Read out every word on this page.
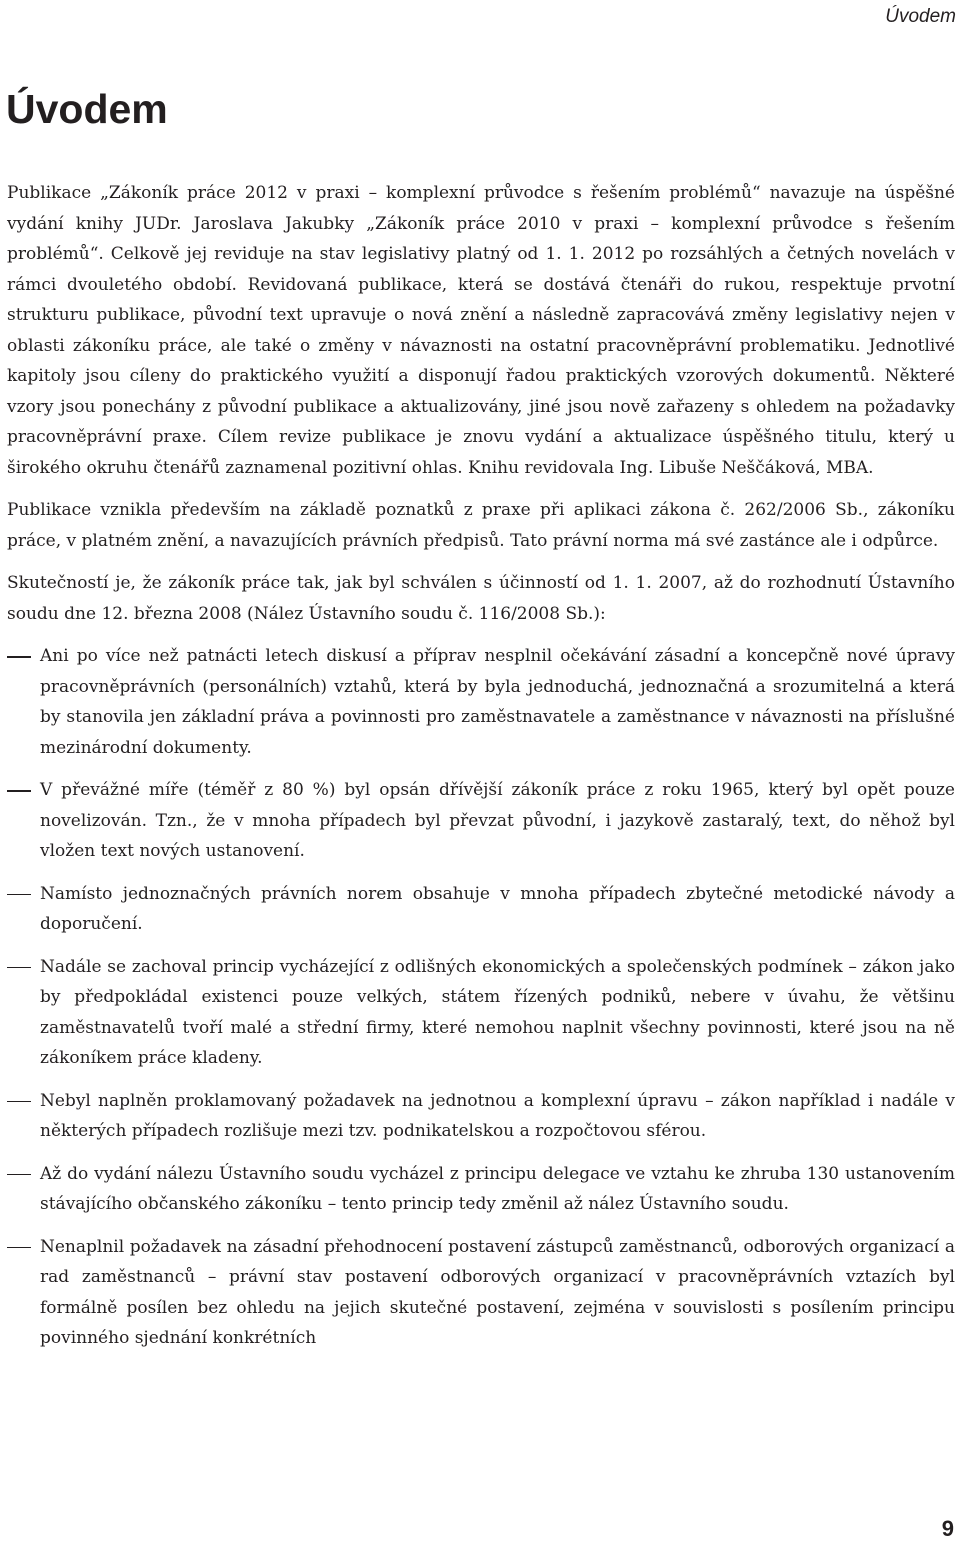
Úvodem
Úvodem

Publikace „Zákoník práce 2012 v praxi – komplexní průvodce s řešením problémů“ navazuje na úspěšné vydání knihy JUDr. Jaroslava Jakubky „Zákoník práce 2010 v praxi – komplexní průvodce s řešením problémů“. Celkově jej reviduje na stav legislativy platný od 1. 1. 2012 po rozsáhlých a četných novelách v rámci dvouletého období. Revidovaná publikace, která se dostává čtenáři do rukou, respektuje prvotní strukturu publikace, původní text upravuje o nová znění a následně zapracovává změny legislativy nejen v oblasti zákoníku práce, ale také o změny v návaznosti na ostatní pracovněprávní problematiku. Jednotlivé kapitoly jsou cíleny do praktického využití a disponují řadou praktických vzorových dokumentů. Některé vzory jsou ponechány z původní publikace a aktualizovány, jiné jsou nově zařazeny s ohledem na požadavky pracovněprávní praxe. Cílem revize publikace je znovu vydání a aktualizace úspěšného titulu, který u širokého okruhu čtenářů zaznamenal pozitivní ohlas. Knihu revidovala Ing. Libuše Neščáková, MBA.

Publikace vznikla především na základě poznatků z praxe při aplikaci zákona č. 262/2006 Sb., zákoníku práce, v platném znění, a navazujících právních předpisů. Tato právní norma má své zastánce ale i odpůrce.

Skutečností je, že zákoník práce tak, jak byl schválen s účinností od 1. 1. 2007, až do rozhodnutí Ústavního soudu dne 12. března 2008 (Nález Ústavního soudu č. 116/2008 Sb.):

Ani po více než patnácti letech diskusí a příprav nesplnil očekávání zásadní a koncepčně nové úpravy pracovněprávních (personálních) vztahů, která by byla jednoduchá, jednoznačná a srozumitelná a která by stanovila jen základní práva a povinnosti pro zaměstnavatele a zaměstnance v návaznosti na příslušné mezinárodní dokumenty.
V převážné míře (téměř z 80 %) byl opsán dřívější zákoník práce z roku 1965, který byl opět pouze novelizován. Tzn., že v mnoha případech byl převzat původní, i jazykově zastaralý, text, do něhož byl vložen text nových ustanovení.
Namísto jednoznačných právních norem obsahuje v mnoha případech zbytečné metodické návody a doporučení.
Nadále se zachoval princip vycházející z odlišných ekonomických a společenských podmínek – zákon jako by předpokládal existenci pouze velkých, státem řízených podniků, nebere v úvahu, že většinu zaměstnavatelů tvoří malé a střední firmy, které nemohou naplnit všechny povinnosti, které jsou na ně zákoníkem práce kladeny.
Nebyl naplněn proklamovaný požadavek na jednotnou a komplexní úpravu – zákon například i nadále v některých případech rozlišuje mezi tzv. podnikatelskou a rozpočtovou sférou.
Až do vydání nálezu Ústavního soudu vycházel z principu delegace ve vztahu ke zhruba 130 ustanovením stávajícího občanského zákoníku – tento princip tedy změnil až nález Ústavního soudu.
Nenaplnil požadavek na zásadní přehodnocení postavení zástupců zaměstnanců, odborových organizací a rad zaměstnanců – právní stav postavení odborových organizací v pracovněprávních vztazích byl formálně posílen bez ohledu na jejich skutečné postavení, zejména v souvislosti s posílením principu povinného sjednání konkrétních
9
